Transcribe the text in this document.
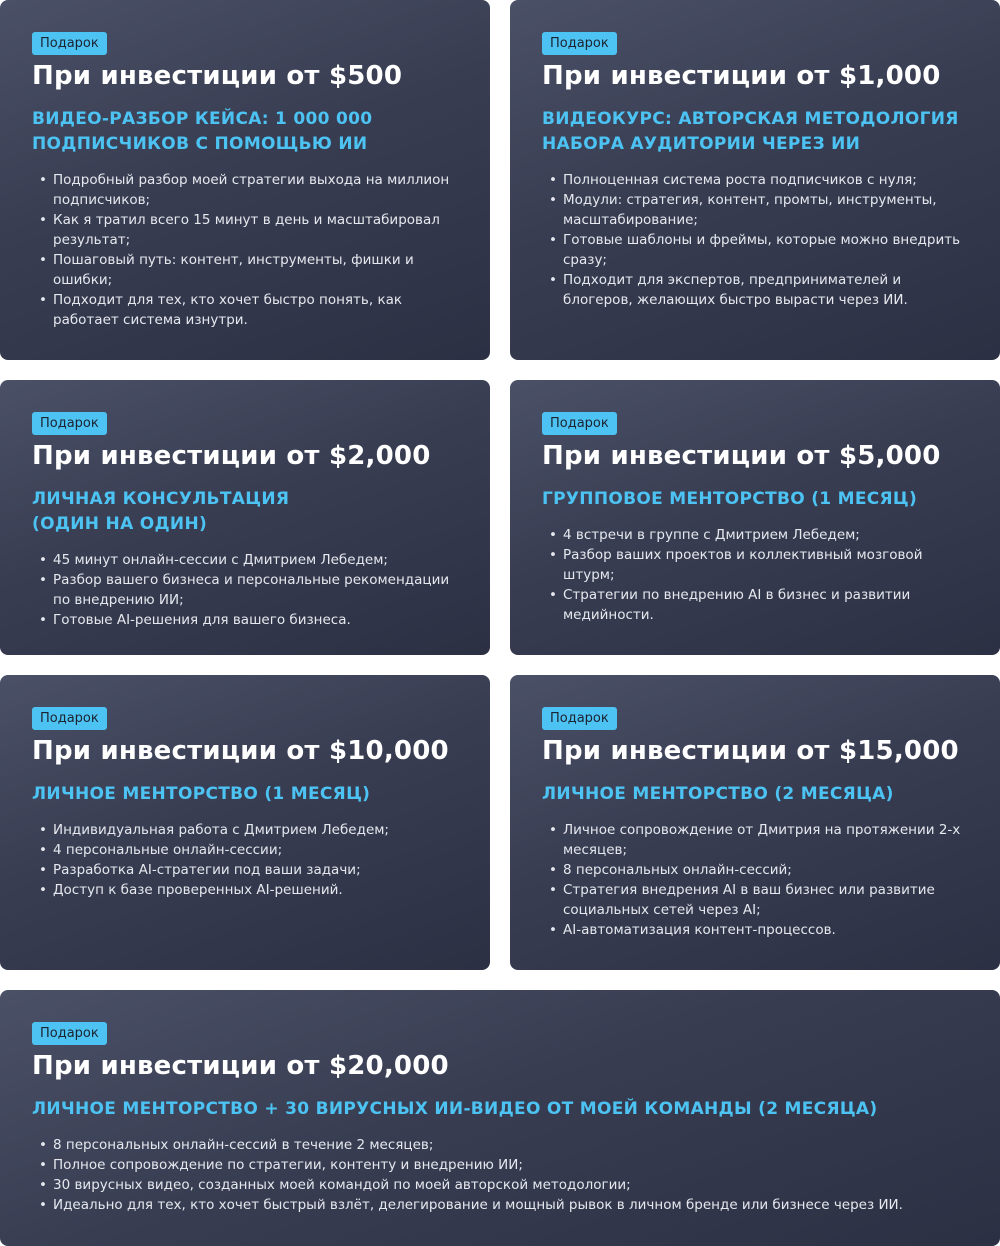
Подарок
При инвестиции от $500
ВИДЕО-РАЗБОР КЕЙСА: 1 000 000
ПОДПИСЧИКОВ С ПОМОЩЬЮ ИИ
• Подробный разбор моей стратегии выхода на миллион подписчиков;
• Как я тратил всего 15 минут в день и масштабировал результат;
• Пошаговый путь: контент, инструменты, фишки и ошибки;
• Подходит для тех, кто хочет быстро понять, как работает система изнутри.
Подарок
При инвестиции от $1,000
ВИДЕОКУРС: АВТОРСКАЯ МЕТОДОЛОГИЯ
НАБОРА АУДИТОРИИ ЧЕРЕЗ ИИ
• Полноценная система роста подписчиков с нуля;
• Модули: стратегия, контент, промты, инструменты, масштабирование;
• Готовые шаблоны и фреймы, которые можно внедрить сразу;
• Подходит для экспертов, предпринимателей и блогеров, желающих быстро вырасти через ИИ.
Подарок
При инвестиции от $2,000
ЛИЧНАЯ КОНСУЛЬТАЦИЯ
(ОДИН НА ОДИН)
• 45 минут онлайн-сессии с Дмитрием Лебедем;
• Разбор вашего бизнеса и персональные рекомендации по внедрению ИИ;
• Готовые AI-решения для вашего бизнеса.
Подарок
При инвестиции от $5,000
ГРУППОВОЕ МЕНТОРСТВО (1 МЕСЯЦ)
• 4 встречи в группе с Дмитрием Лебедем;
• Разбор ваших проектов и коллективный мозговой штурм;
• Стратегии по внедрению AI в бизнес и развитии медийности.
Подарок
При инвестиции от $10,000
ЛИЧНОЕ МЕНТОРСТВО (1 МЕСЯЦ)
• Индивидуальная работа с Дмитрием Лебедем;
• 4 персональные онлайн-сессии;
• Разработка AI-стратегии под ваши задачи;
• Доступ к базе проверенных AI-решений.
Подарок
При инвестиции от $15,000
ЛИЧНОЕ МЕНТОРСТВО (2 МЕСЯЦА)
• Личное сопровождение от Дмитрия на протяжении 2-х месяцев;
• 8 персональных онлайн-сессий;
• Стратегия внедрения AI в ваш бизнес или развитие социальных сетей через AI;
• AI-автоматизация контент-процессов.
Подарок
При инвестиции от $20,000
ЛИЧНОЕ МЕНТОРСТВО + 30 ВИРУСНЫХ ИИ-ВИДЕО ОТ МОЕЙ КОМАНДЫ (2 МЕСЯЦА)
• 8 персональных онлайн-сессий в течение 2 месяцев;
• Полное сопровождение по стратегии, контенту и внедрению ИИ;
• 30 вирусных видео, созданных моей командой по моей авторской методологии;
• Идеально для тех, кто хочет быстрый взлёт, делегирование и мощный рывок в личном бренде или бизнесе через ИИ.
